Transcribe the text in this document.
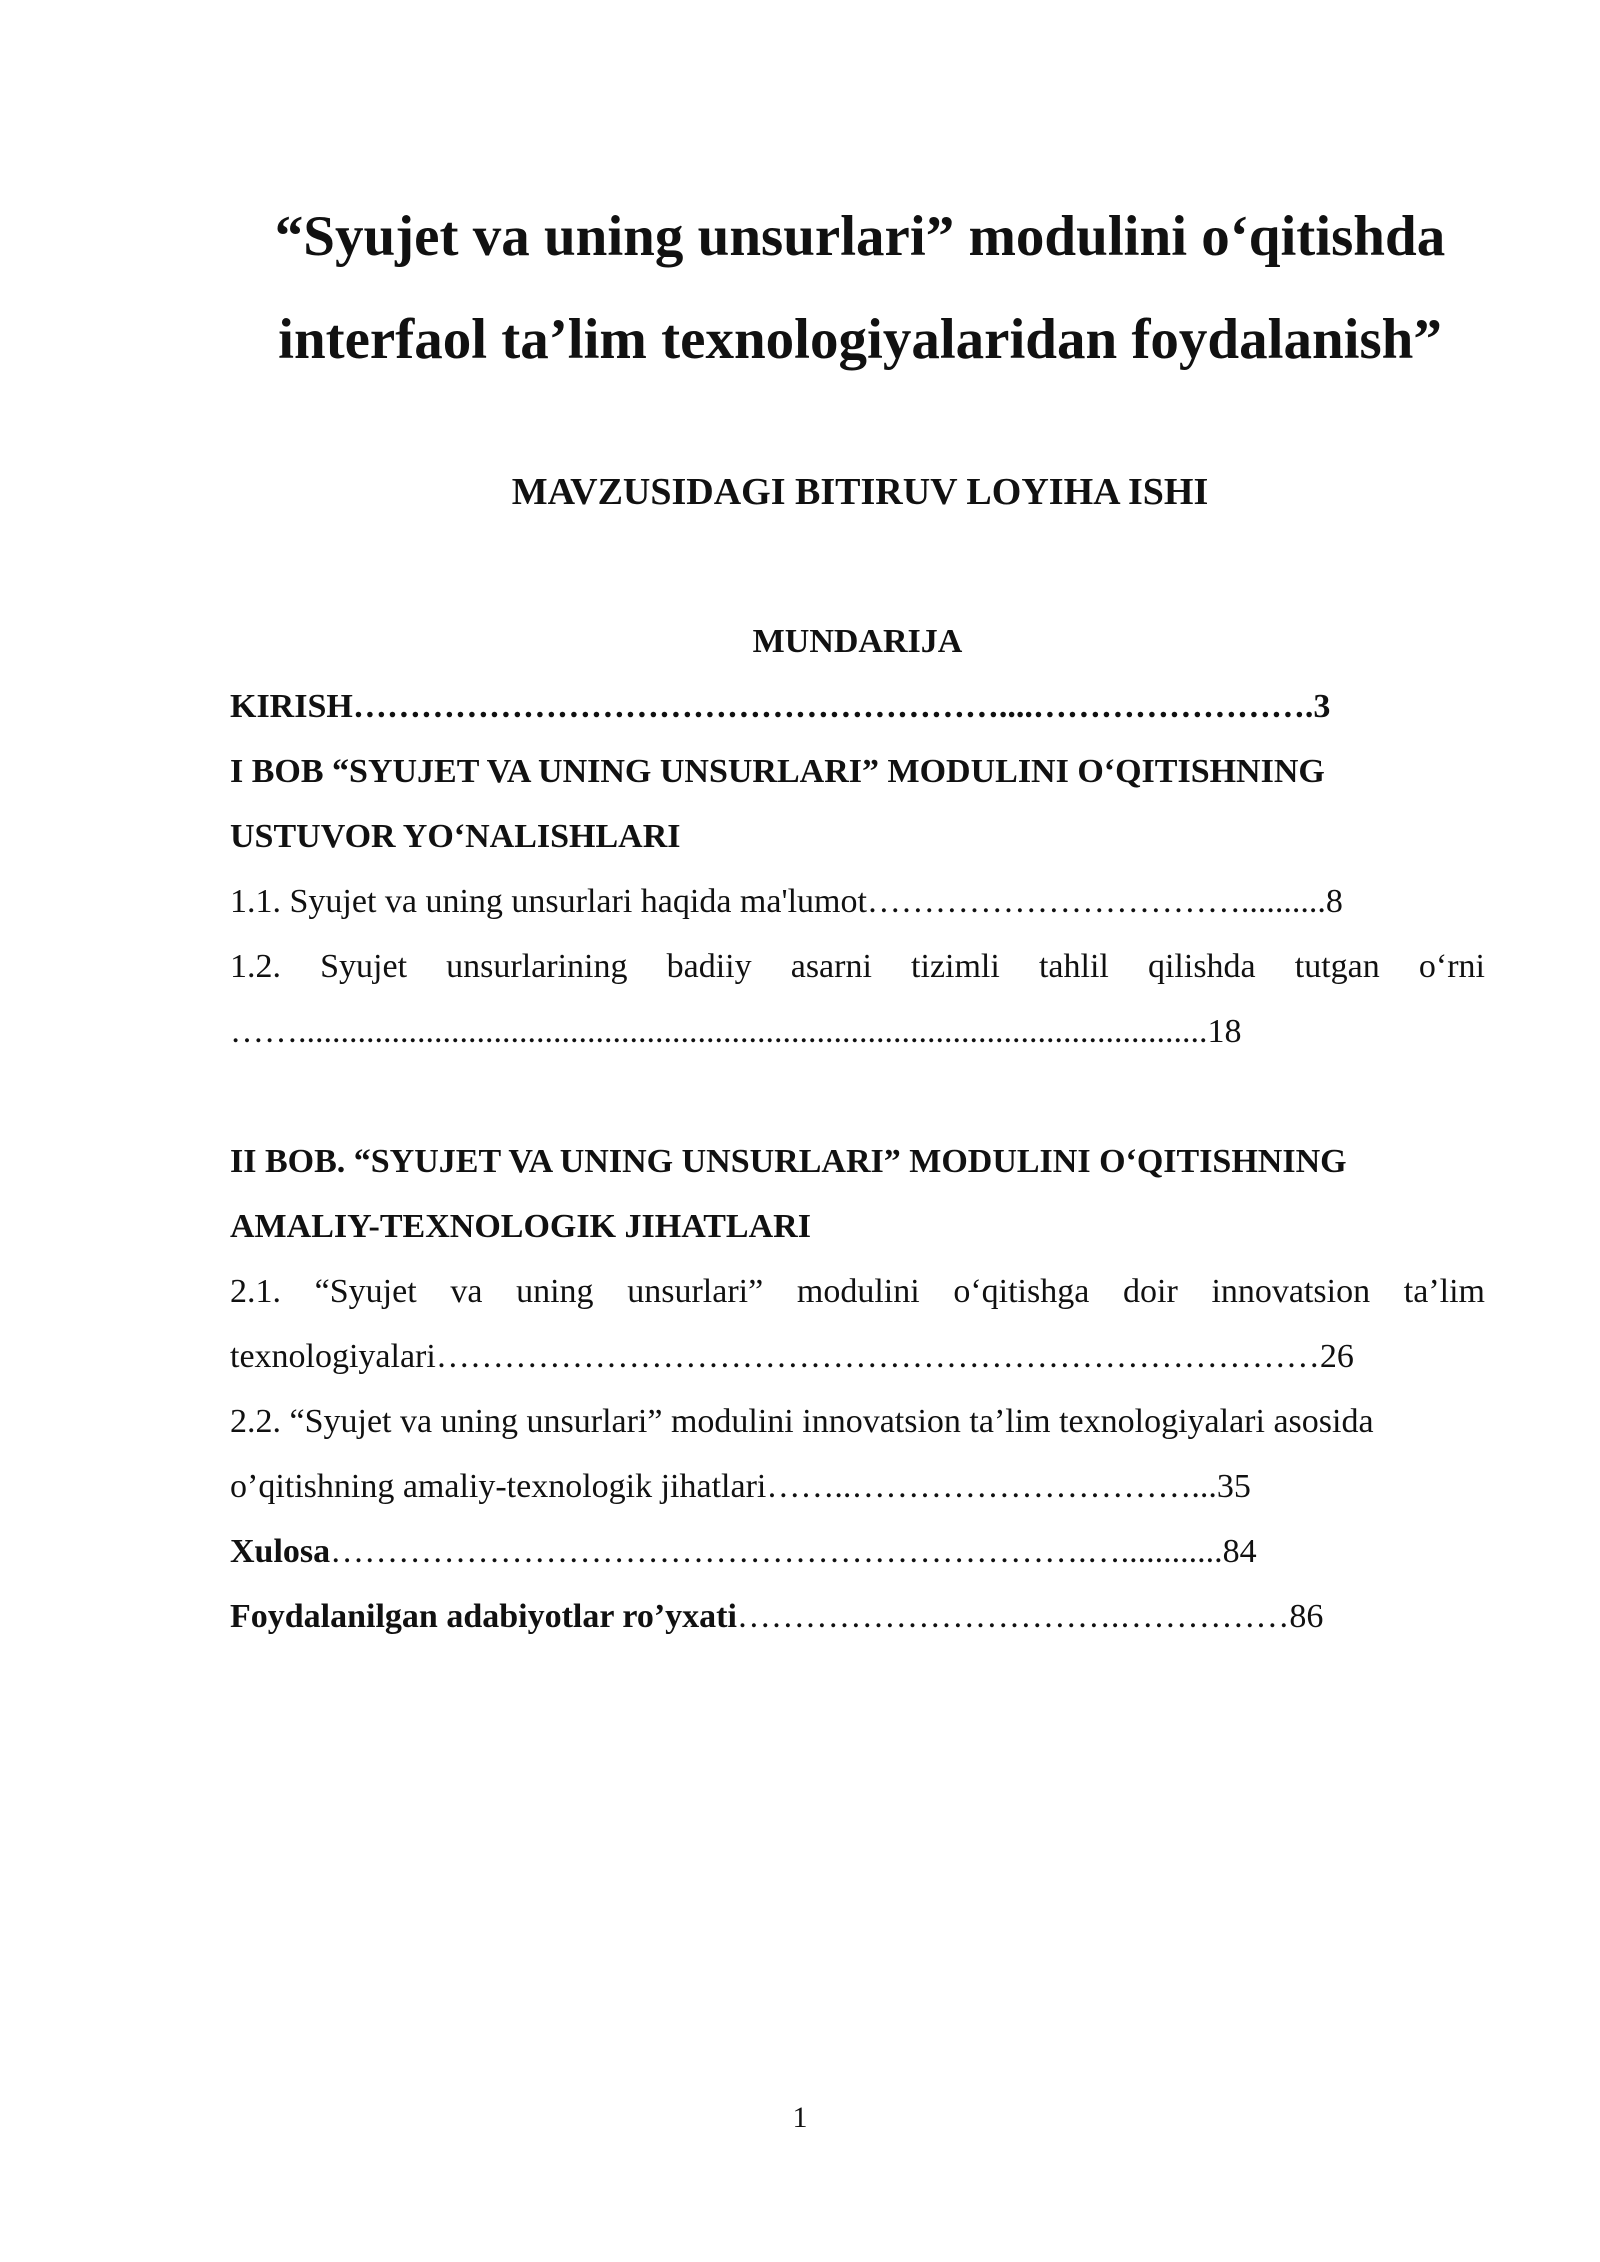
“Syujet va uning unsurlari” modulini o‘qitishda
interfaol ta’lim texnologiyalaridan foydalanish”
MAVZUSIDAGI BITIRUV LOYIHA ISHI
MUNDARIJA

KIRISH…………………………………………………....…………………….3

I BOB “SYUJET VA UNING UNSURLARI” MODULINI O‘QITISHNING

USTUVOR YO‘NALISHLARI

1.1. Syujet va uning unsurlari haqida ma'lumot……………………………..........8

1.2. Syujet unsurlarining badiiy asarni tizimli tahlil qilishda tutgan o‘rni

……...........................................................................................................18

II BOB. “SYUJET VA UNING UNSURLARI” MODULINI O‘QITISHNING

AMALIY-TEXNOLOGIK JIHATLARI

2.1. “Syujet va uning unsurlari” modulini o‘qitishga doir innovatsion ta’lim

texnologiyalari……………………………………………………………………26

2.2. “Syujet va uning unsurlari” modulini innovatsion ta’lim texnologiyalari asosida

o’qitishning amaliy-texnologik jihatlari……..…………………………...35

Xulosa………………………………………………………….…............84

Foydalanilgan adabiyotlar ro’yxati…………………………….……………86

1
